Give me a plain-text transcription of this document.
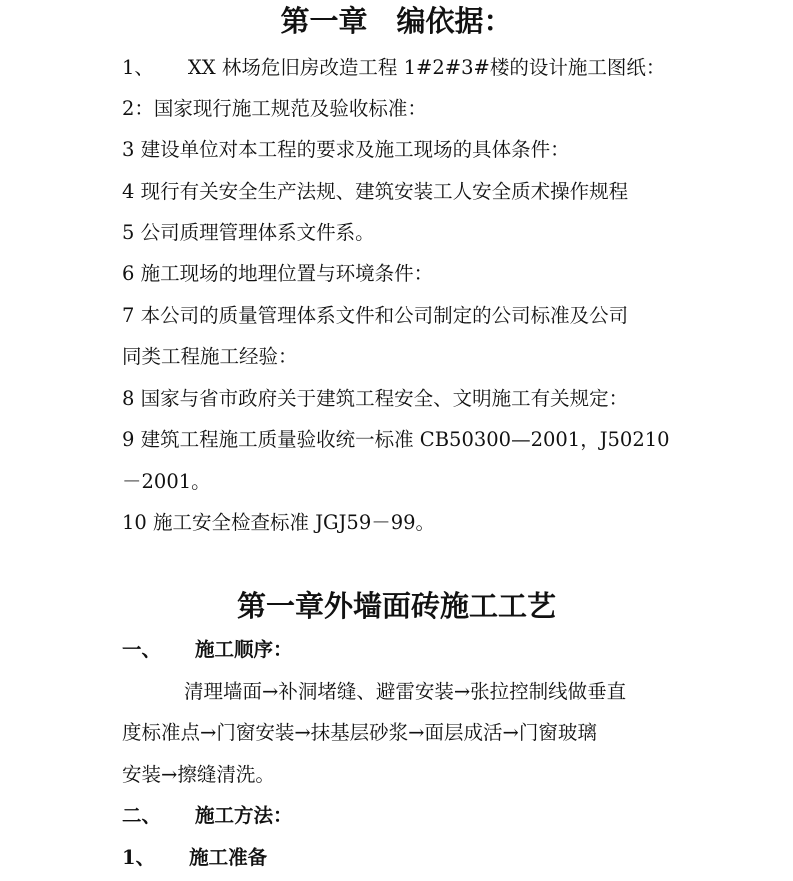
第一章　编依据：
1、 XX 林场危旧房改造工程 1#2#3#楼的设计施工图纸：
2：国家现行施工规范及验收标准：
3 建设单位对本工程的要求及施工现场的具体条件：
4 现行有关安全生产法规、建筑安装工人安全质术操作规程
5 公司质理管理体系文件系。
6 施工现场的地理位置与环境条件：
7 本公司的质量管理体系文件和公司制定的公司标准及公司
同类工程施工经验：
8 国家与省市政府关于建筑工程安全、文明施工有关规定：
9 建筑工程施工质量验收统一标准 CB50300—2001，J50210
－2001。
10 施工安全检查标准 JGJ59－99。
第一章外墙面砖施工工艺
一、 施工顺序：
清理墙面→补洞堵缝、避雷安装→张拉控制线做垂直
度标准点→门窗安装→抹基层砂浆→面层成活→门窗玻璃
安装→擦缝清洗。
二、 施工方法：
1、 施工准备
